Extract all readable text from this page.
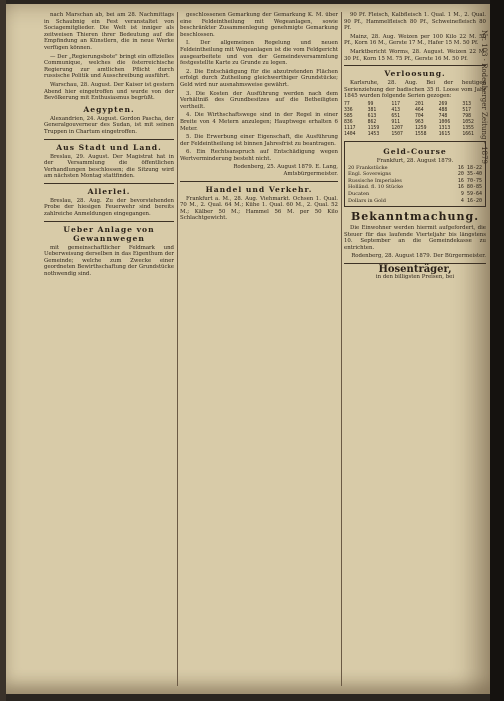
nach Marschan ab, bei am 28. Nachmittags in Schaubnig ein Fest veranstaltet von Sociagemitglieder. Die Welt ist inniger als zeitweisen Thieren ihrer Bedeutung auf die Empfindung an Künstlern, die in neue Werke verfügen können.

— Der „Regierungsbote" bringt ein offizielles Communique, welches die österreichische Regierung zur amtlichen Pflicht durch russische Politik und Ausschreibung ausführt.

Warschau, 28. August. Der Kaiser ist gestern Abend hier eingetroffen und wurde von der Bevölkerung mit Enthusiasmus begrüßt.

Aegypten.

Alexandrien, 24. August. Gordon Pascha, der Generalgouverneur des Sudan, ist mit seinen Truppen in Chartum eingetroffen.

Aus Stadt und Land.

Breslau, 29. August. Der Magistrat hat in der Versammlung die öffentlichen Verhandlungen beschlossen; die Sitzung wird am nächsten Montag stattfinden.

Allerlei.

Breslau, 28. Aug. Zu der bevorstehenden Probe der hiesigen Feuerwehr sind bereits zahlreiche Anmeldungen eingegangen.

Ueber Anlage von Gewannwegen

mit gemeinschaftlicher Feldmark und Ueberweisung derselben in das Eigenthum der Gemeinde; welche zum Zwecke einer geordneten Bewirthschaftung der Grundstücke nothwendig sind.

geschlossenen Gemarkung der Gemarkung K. M. über eine Feldeintheilung mit Wegeanlagen, sowie beschränkter Zusammenlegung genehmigte Gemarkung beschlossen.

I. Der allgemeinen Regelung und neuen Feldeintheilung mit Wegeanlagen ist die vom Feldgericht ausgearbeitete und von der Gemeindeversammlung festgestellte Karte zu Grunde zu legen.

2. Die Entschädigung für die abzutretenden Flächen erfolgt durch Zutheilung gleichwerthiger Grundstücke; Geld wird nur ausnahmsweise gewährt.

3. Die Kosten der Ausführung werden nach dem Verhältniß des Grundbesitzes auf die Betheiligten vertheilt.

4. Die Wirthschaftswege sind in der Regel in einer Breite von 4 Metern anzulegen; Hauptwege erhalten 6 Meter.

5. Die Erwerbung einer Eigenschaft, die Ausführung der Feldeintheilung ist binnen Jahresfrist zu beantragen.

6. Ein Rechtsanspruch auf Entschädigung wegen Wertverminderung besteht nicht.

Rodenberg, 25. August 1879. E. Lang, Amtsbürgermeister.
Handel und Verkehr.

Frankfurt a. M., 28. Aug. Viehmarkt. Ochsen 1. Qual. 70 M., 2. Qual. 64 M.; Kühe 1. Qual. 60 M., 2. Qual. 52 M.; Kälber 50 M.; Hammel 56 M. per 50 Kilo Schlachtgewicht.

90 Pf. Fleisch, Kalbfleisch 1. Qual. 1 M., 2. Qual. 90 Pf., Hammelfleisch 80 Pf., Schweinefleisch 80 Pf.

Mainz, 28. Aug. Weizen per 100 Kilo 22 M. 50 Pf., Korn 16 M., Gerste 17 M., Hafer 15 M. 50 Pf.

Marktbericht Worms, 28. August. Weizen 22 M. 30 Pf., Korn 15 M. 75 Pf., Gerste 16 M. 50 Pf.

Verloosung.

Karlsruhe, 28. Aug. Bei der heutigen Serienziehung der badischen 35 fl. Loose vom Jahr 1845 wurden folgende Serien gezogen:

77	99	117	201	269	313
336	381	413	464	488	517
585	613	651	704	748	798
836	862	911	963	1006	1052
1117	1159	1207	1259	1313	1355
1404	1453	1507	1558	1615	1661
Geld-Course
Frankfurt, 28. August 1879.
20 Frankstücke	16 18-22
Engl. Sovereigns	20 35-40
Russische Imperiales	16 70-75
Holländ. fl. 10 Stücke	16 80-85
Ducaten	9 59-64
Dollars in Gold	4 16-20
Bekanntmachung.

Die Einwohner werden hiermit aufgefordert, die Steuer für das laufende Vierteljahr bis längstens 10. September an die Gemeindekasse zu entrichten.

Rodenberg, 28. August 1879. Der Bürgermeister.
Hosenträger,
in den billigsten Preisen, bei
Nr. 103 · Rodenberger Zeitung · 1879
